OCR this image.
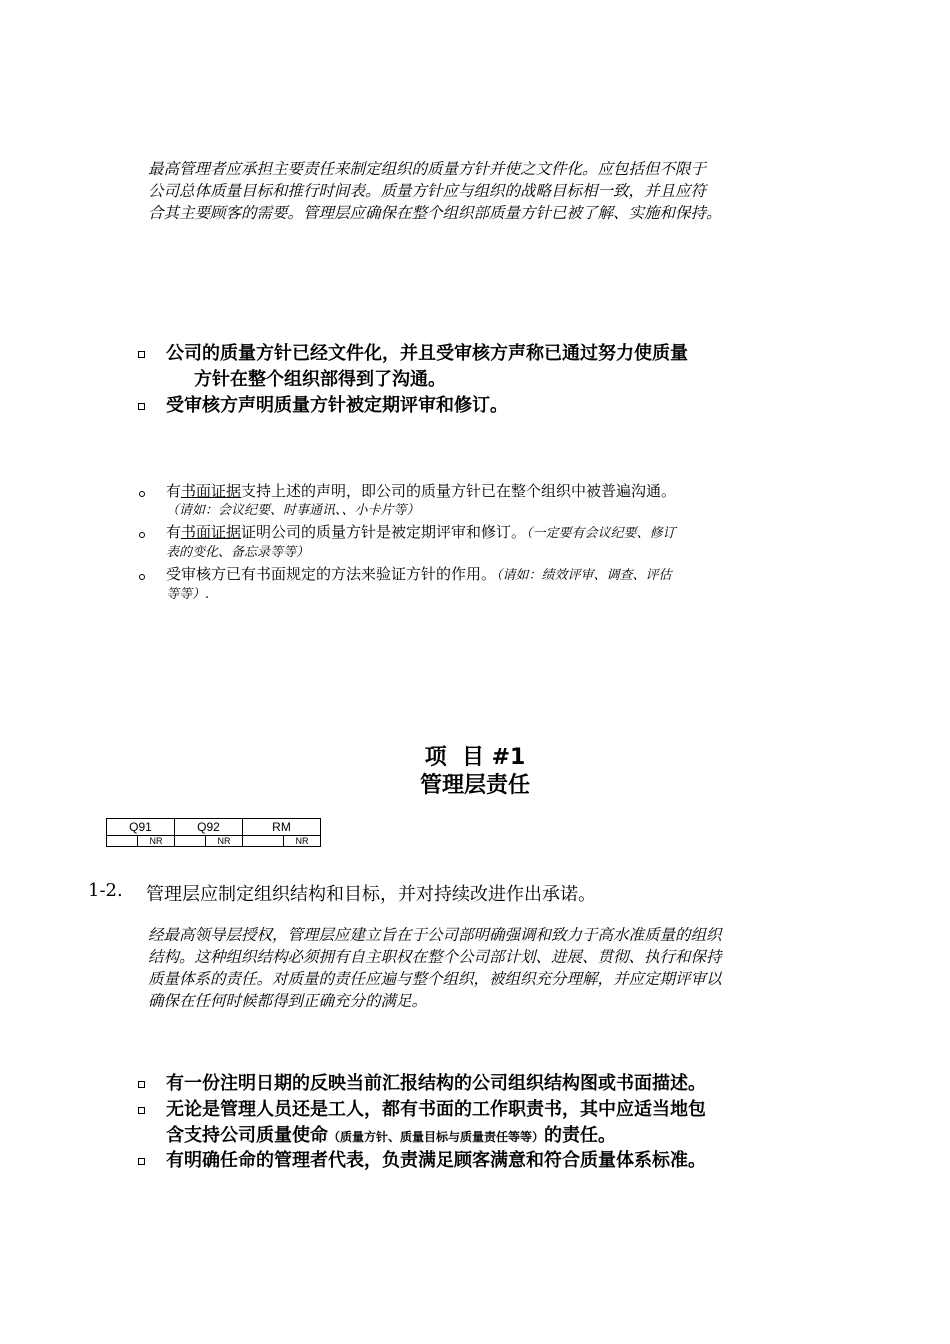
最高管理者应承担主要责任来制定组织的质量方针并使之文件化。应包括但不限于
公司总体质量目标和推行时间表。质量方针应与组织的战略目标相一致，并且应符
合其主要顾客的需要。管理层应确保在整个组织部质量方针已被了解、实施和保持。
公司的质量方针已经文件化，并且受审核方声称已通过努力使质量
方针在整个组织部得到了沟通。
受审核方声明质量方针被定期评审和修订。
有书面证据支持上述的声明，即公司的质量方针已在整个组织中被普遍沟通。
（请如：会议纪要、时事通讯、、小卡片等）
有书面证据证明公司的质量方针是被定期评审和修订。（一定要有会议纪要、修订
表的变化、备忘录等等）
受审核方已有书面规定的方法来验证方针的作用。（请如：绩效评审、调查、评估
等等）.
项  目 #1
管理层责任
Q91		Q92		RM	
	NR		NR		NR
1-2. 管理层应制定组织结构和目标，并对持续改进作出承诺。
经最高领导层授权，管理层应建立旨在于公司部明确强调和致力于高水准质量的组织
结构。这种组织结构必须拥有自主职权在整个公司部计划、进展、贯彻、执行和保持
质量体系的责任。对质量的责任应遍与整个组织，被组织充分理解，并应定期评审以
确保在任何时候都得到正确充分的满足。
有一份注明日期的反映当前汇报结构的公司组织结构图或书面描述。
无论是管理人员还是工人，都有书面的工作职责书，其中应适当地包
含支持公司质量使命（质量方针、质量目标与质量责任等等）的责任。
有明确任命的管理者代表，负责满足顾客满意和符合质量体系标准。
